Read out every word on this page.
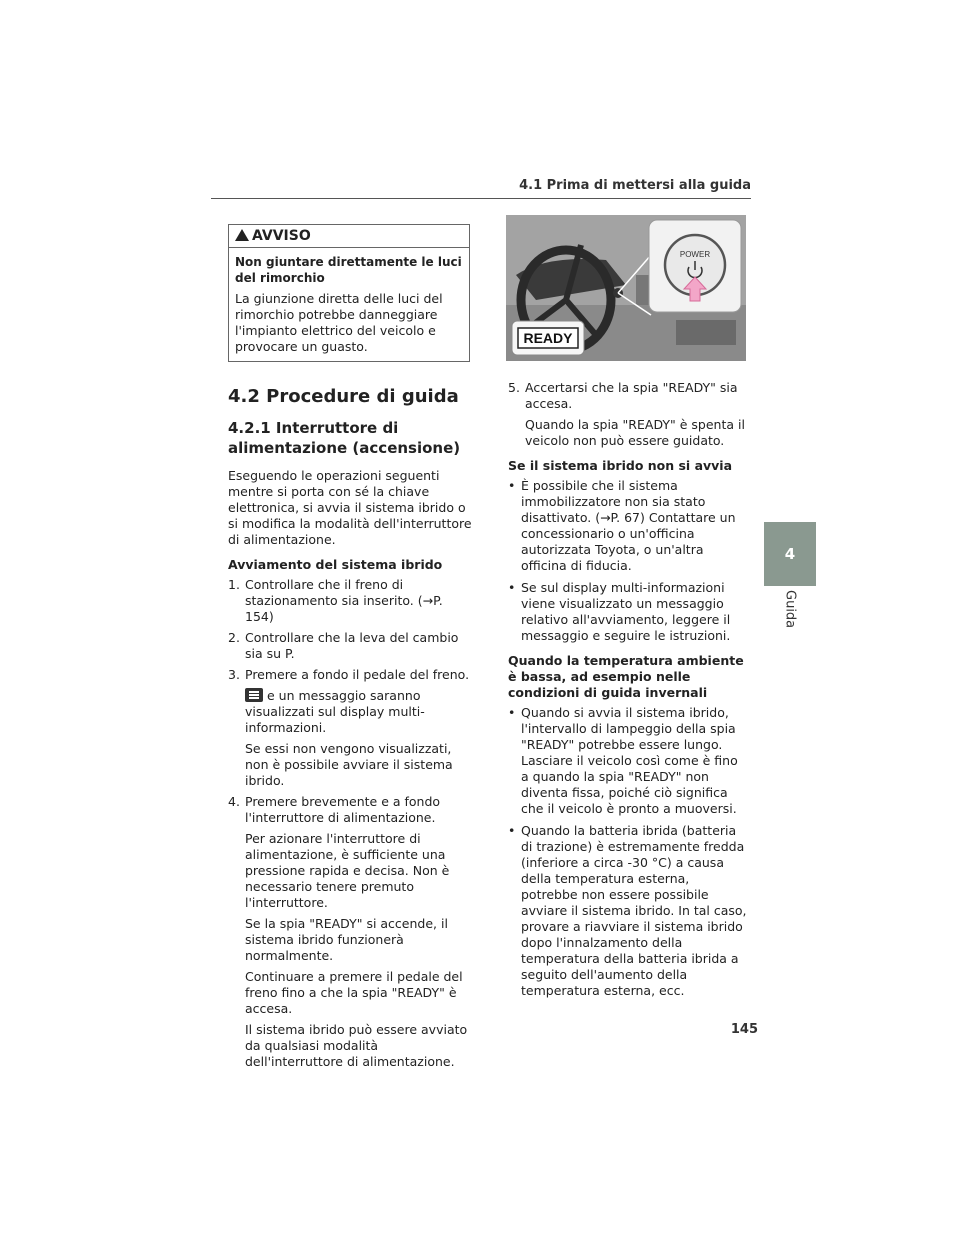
4.1 Prima di mettersi alla guida
4
Guida
AVVISO

Non giuntare direttamente le luci del rimorchio

La giunzione diretta delle luci del rimorchio potrebbe danneggiare l'impianto elettrico del veicolo e provocare un guasto.

4.2 Procedure di guida
4.2.1 Interruttore di alimentazione (accensione)

Eseguendo le operazioni seguenti mentre si porta con sé la chiave elettronica, si avvia il sistema ibrido o si modifica la modalità dell'interruttore di alimentazione.

Avviamento del sistema ibrido

1. Controllare che il freno di stazionamento sia inserito. (→P. 154)
2. Controllare che la leva del cambio sia su P.
3. Premere a fondo il pedale del freno.

e un messaggio saranno visualizzati sul display multi-informazioni.

Se essi non vengono visualizzati, non è possibile avviare il sistema ibrido.

4. Premere brevemente e a fondo l'interruttore di alimentazione.

Per azionare l'interruttore di alimentazione, è sufficiente una pressione rapida e decisa. Non è necessario tenere premuto l'interruttore.

Se la spia "READY" si accende, il sistema ibrido funzionerà normalmente.

Continuare a premere il pedale del freno fino a che la spia "READY" è accesa.

Il sistema ibrido può essere avviato da qualsiasi modalità dell'interruttore di alimentazione.

POWER
READY
5. Accertarsi che la spia "READY" sia accesa.

Quando la spia "READY" è spenta il veicolo non può essere guidato.

Se il sistema ibrido non si avvia

• È possibile che il sistema immobilizzatore non sia stato disattivato. (→P. 67) Contattare un concessionario o un'officina autorizzata Toyota, o un'altra officina di fiducia.
• Se sul display multi-informazioni viene visualizzato un messaggio relativo all'avviamento, leggere il messaggio e seguire le istruzioni.

Quando la temperatura ambiente è bassa, ad esempio nelle condizioni di guida invernali

• Quando si avvia il sistema ibrido, l'intervallo di lampeggio della spia "READY" potrebbe essere lungo. Lasciare il veicolo così come è fino a quando la spia "READY" non diventa fissa, poiché ciò significa che il veicolo è pronto a muoversi.
• Quando la batteria ibrida (batteria di trazione) è estremamente fredda (inferiore a circa -30 °C) a causa della temperatura esterna, potrebbe non essere possibile avviare il sistema ibrido. In tal caso, provare a riavviare il sistema ibrido dopo l'innalzamento della temperatura della batteria ibrida a seguito dell'aumento della temperatura esterna, ecc.
145
